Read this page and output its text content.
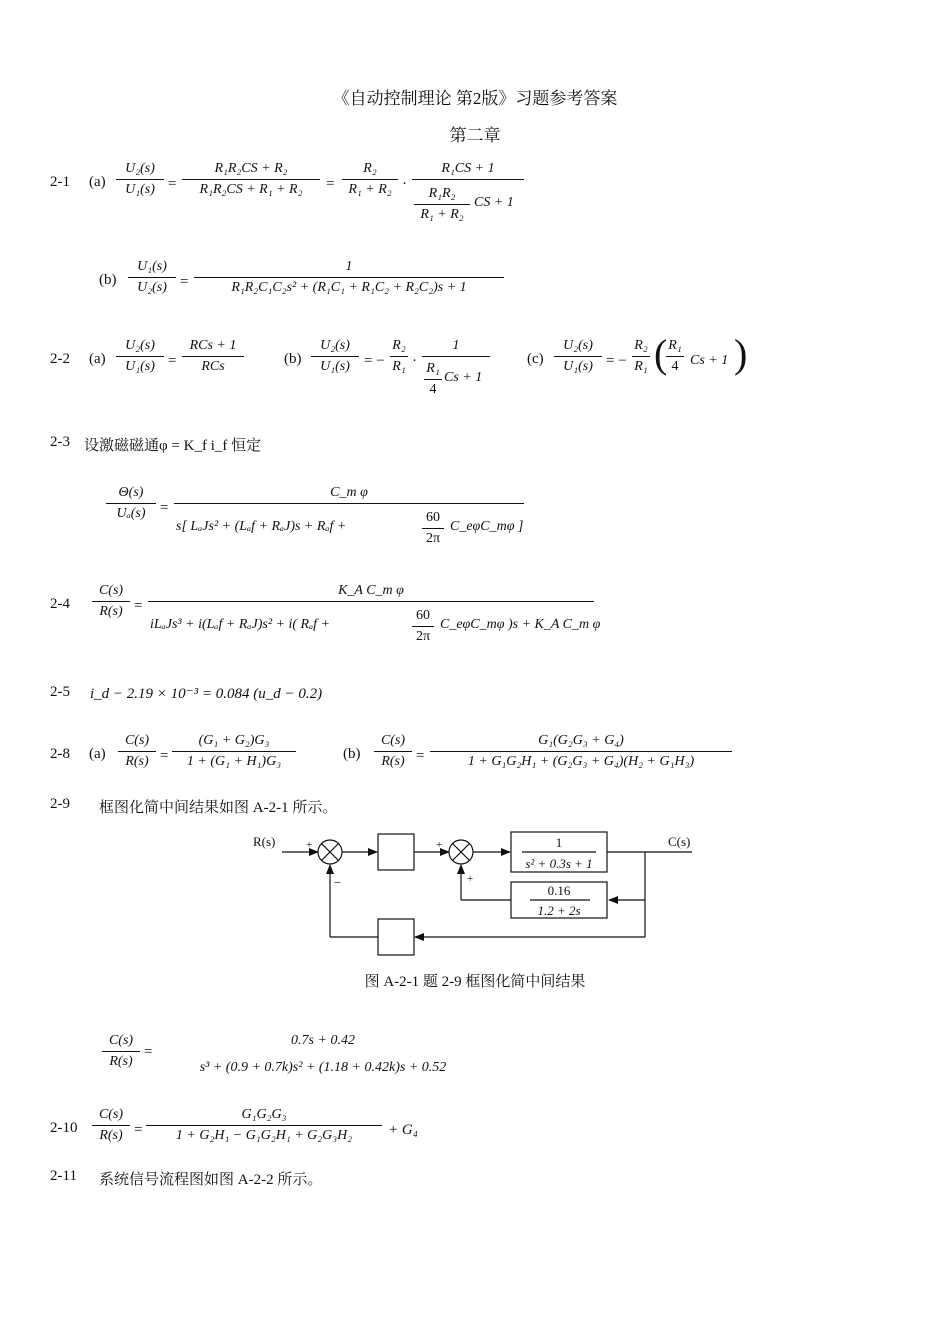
《自动控制理论 第2版》习题参考答案
第二章
2-1 (a)
U₂(s)
U₁(s) =
R₁R₂CS + R₂
R₁R₂CS + R₁ + R₂	=
R₂
R₁ + R₂ ·
R₁CS + 1
R₁R₂
R₁ + R₂
CS + 1
(b)
U₁(s)
U₂(s) =
1
R₁R₂C₁C₂s² + (R₁C₁ + R₁C₂ + R₂C₂)s + 1
2-2 (a)
U₂(s)
U₁(s) =
RCs + 1
RCs	(b)
U₂(s)
U₁(s) = −
R₂
R₁ ·
1
R₁
4
Cs + 1
(c)
U₂(s)
U₁(s) = −
R₂
R₁ ( R₁
4 Cs + 1 )
2-3 设激磁磁通φ = K_f i_f 恒定
Θ(s)
Uₐ(s) =
C_m φ
s[ LₐJs² + (Lₐf + RₐJ)s + Rₐf +
60
2π
C_eφC_mφ ]
2-4
C(s)
R(s) =
K_A C_m φ
iLₐJs³ + i(Lₐf + RₐJ)s² + i( Rₐf +
60
2π
C_eφC_mφ )s + K_A C_m φ
2-5 i_d − 2.19 × 10⁻³ = 0.084 (u_d − 0.2)
2-8 (a)
C(s)
R(s) =
(G₁ + G₂)G₃
1 + (G₁ + H₁)G₃	(b)
C(s)
R(s) =
G₁(G₂G₃ + G₄)
1 + G₁G₂H₁ + (G₂G₃ + G₄)(H₂ + G₁H₃)
2-9 框图化简中间结果如图 A-2-1 所示。
R(s)	C(s)
+
−
+
+
1
s² + 0.3s + 1
0.16
1.2 + 2s
图 A-2-1 题 2-9 框图化简中间结果
C(s)
R(s)
=
0.7s + 0.42
s³ + (0.9 + 0.7k)s² + (1.18 + 0.42k)s + 0.52
2-10
C(s)
R(s) =
G₁G₂G₃
1 + G₂H₁ − G₁G₂H₁ + G₂G₃H₂	+ G₄
2-11 系统信号流程图如图 A-2-2 所示。
